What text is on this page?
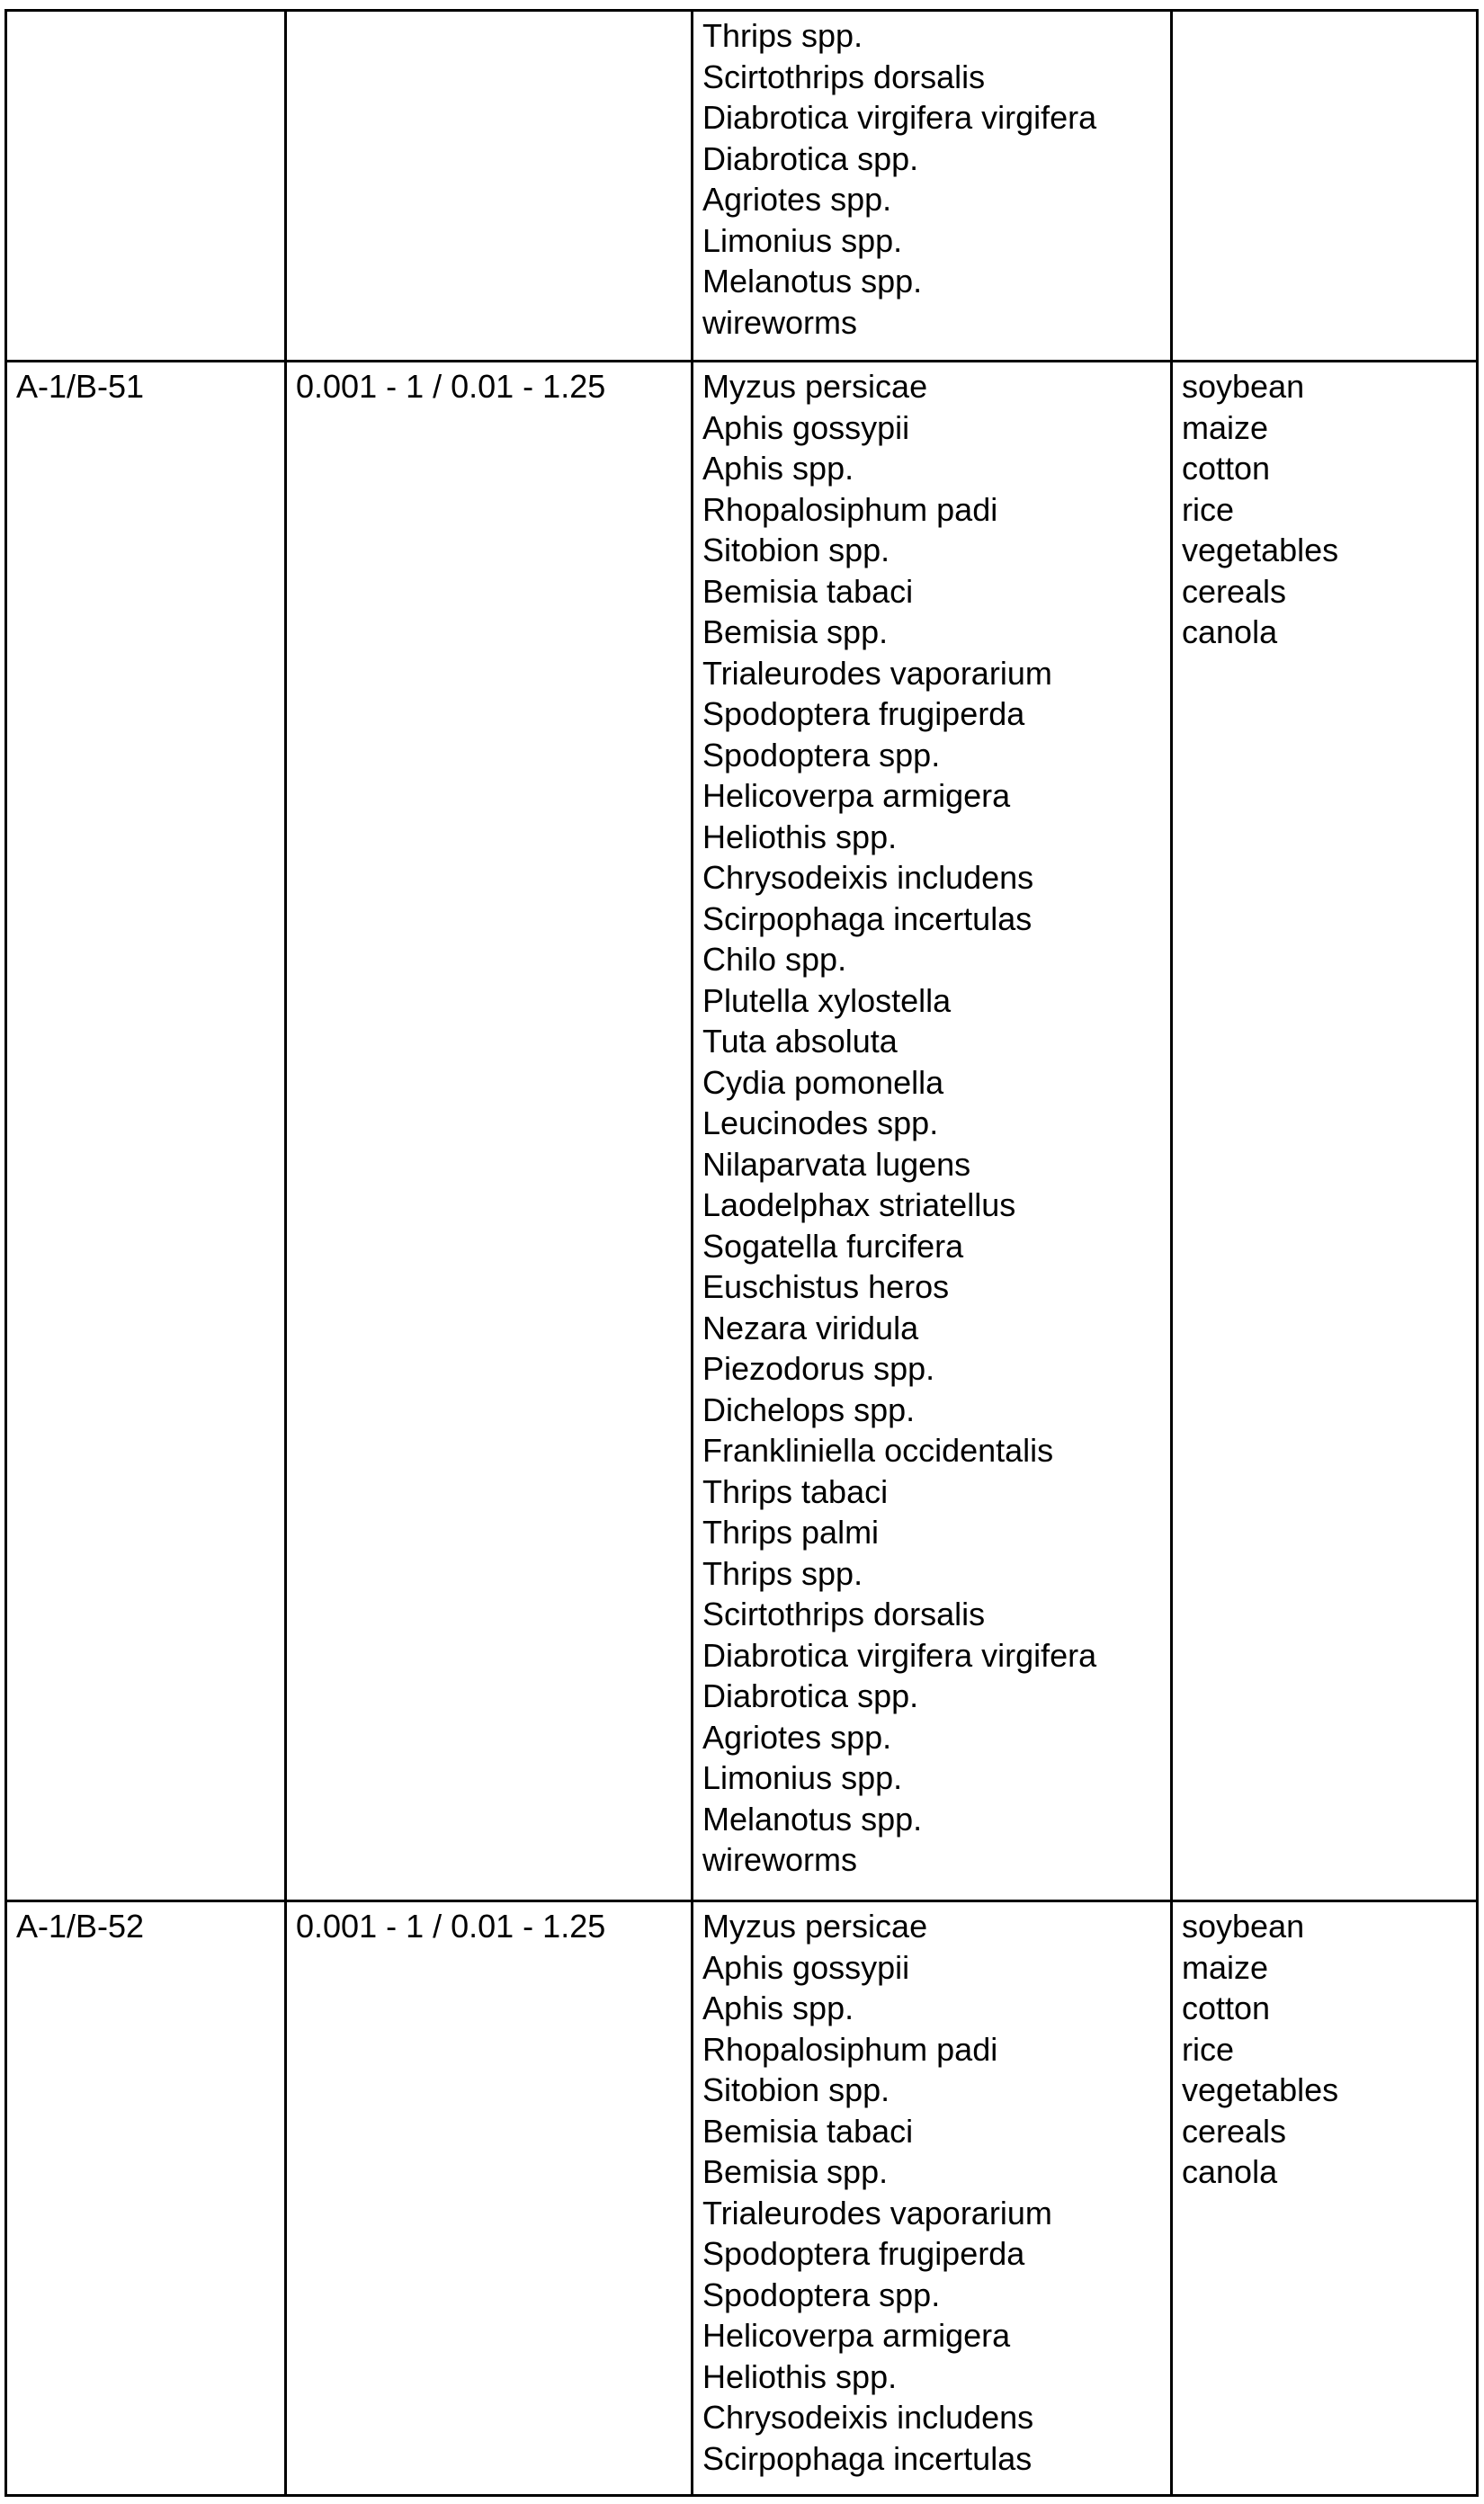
Thrips spp.
Scirtothrips dorsalis
Diabrotica virgifera virgifera
Diabrotica spp.
Agriotes spp.
Limonius spp.
Melanotus spp.
wireworms

A-1/B-51	0.001 - 1 / 0.01 - 1.25	Myzus persicae
Aphis gossypii
Aphis spp.
Rhopalosiphum padi
Sitobion spp.
Bemisia tabaci
Bemisia spp.
Trialeurodes vaporarium
Spodoptera frugiperda
Spodoptera spp.
Helicoverpa armigera
Heliothis spp.
Chrysodeixis includens
Scirpophaga incertulas
Chilo spp.
Plutella xylostella
Tuta absoluta
Cydia pomonella
Leucinodes spp.
Nilaparvata lugens
Laodelphax striatellus
Sogatella furcifera
Euschistus heros
Nezara viridula
Piezodorus spp.
Dichelops spp.
Frankliniella occidentalis
Thrips tabaci
Thrips palmi
Thrips spp.
Scirtothrips dorsalis
Diabrotica virgifera virgifera
Diabrotica spp.
Agriotes spp.
Limonius spp.
Melanotus spp.
wireworms

soybean
maize
cotton
rice
vegetables
cereals
canola

A-1/B-52	0.001 - 1 / 0.01 - 1.25	Myzus persicae
Aphis gossypii
Aphis spp.
Rhopalosiphum padi
Sitobion spp.
Bemisia tabaci
Bemisia spp.
Trialeurodes vaporarium
Spodoptera frugiperda
Spodoptera spp.
Helicoverpa armigera
Heliothis spp.
Chrysodeixis includens
Scirpophaga incertulas

soybean
maize
cotton
rice
vegetables
cereals
canola
